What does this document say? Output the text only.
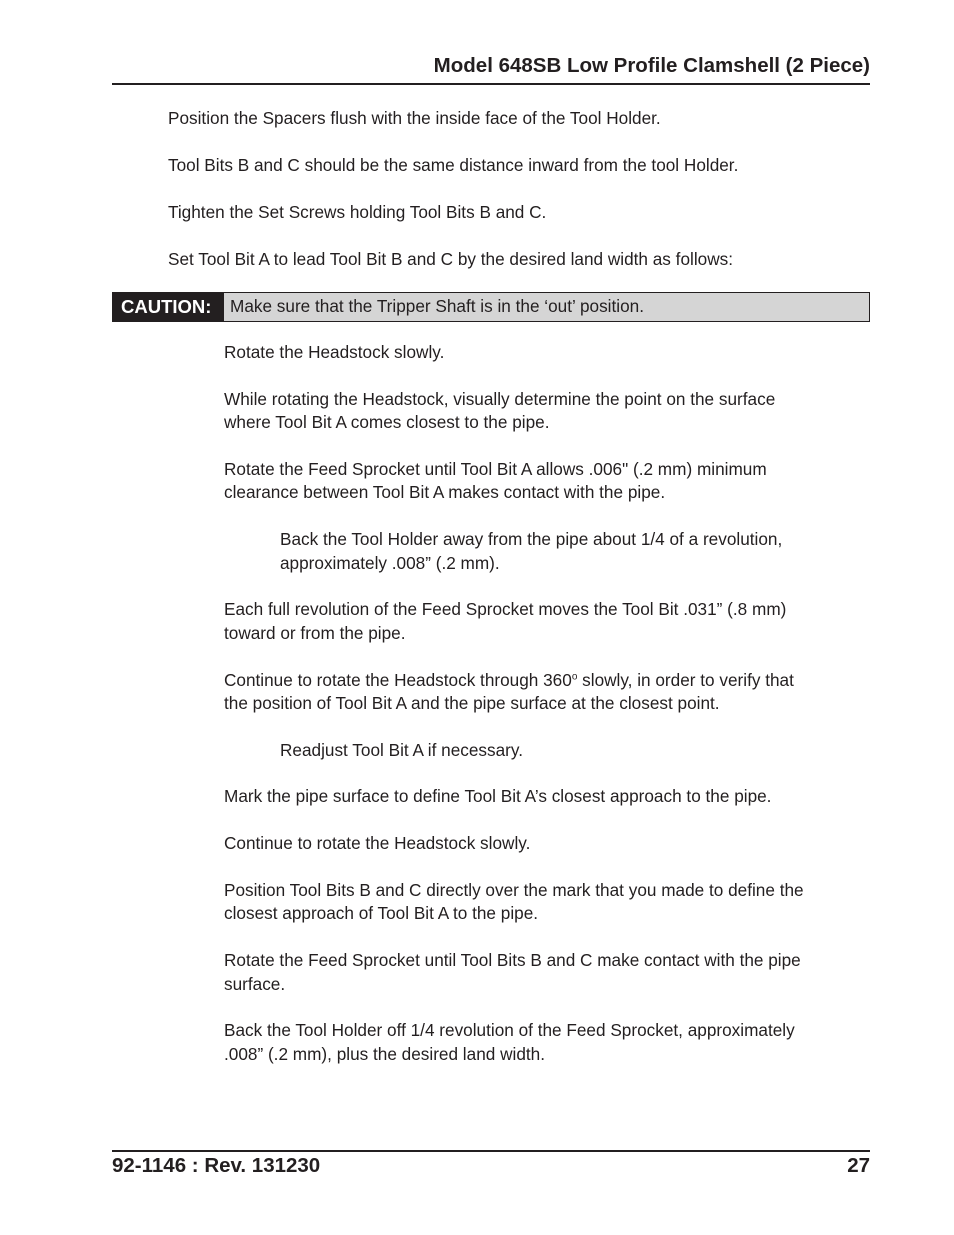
Model 648SB Low Profile Clamshell (2 Piece)

Position the Spacers flush with the inside face of the Tool Holder.

Tool Bits B and C should be the same distance inward from the tool Holder.

Tighten the Set Screws holding Tool Bits B and C.

Set Tool Bit A to lead Tool Bit B and C by the desired land width as follows:

CAUTION:	Make sure that the Tripper Shaft is in the ‘out’ position.

Rotate the Headstock slowly.

While rotating the Headstock, visually determine the point on the surface

where Tool Bit A comes closest to the pipe.

Rotate the Feed Sprocket until Tool Bit A allows .006" (.2 mm) minimum

clearance between Tool Bit A makes contact with the pipe.

Back the Tool Holder away from the pipe about 1/4 of a revolution,

approximately .008” (.2 mm).

Each full revolution of the Feed Sprocket moves the Tool Bit .031” (.8 mm)

toward or from the pipe.

Continue to rotate the Headstock through 360$^o$ slowly, in order to verify that

the position of Tool Bit A and the pipe surface at the closest point.

Readjust Tool Bit A if necessary.

Mark the pipe surface to define Tool Bit A’s closest approach to the pipe.

Continue to rotate the Headstock slowly.

Position Tool Bits B and C directly over the mark that you made to define the

closest approach of Tool Bit A to the pipe.

Rotate the Feed Sprocket until Tool Bits B and C make contact with the pipe

surface.

Back the Tool Holder off 1/4 revolution of the Feed Sprocket, approximately

.008” (.2 mm), plus the desired land width.

92-1146 : Rev. 131230	27
